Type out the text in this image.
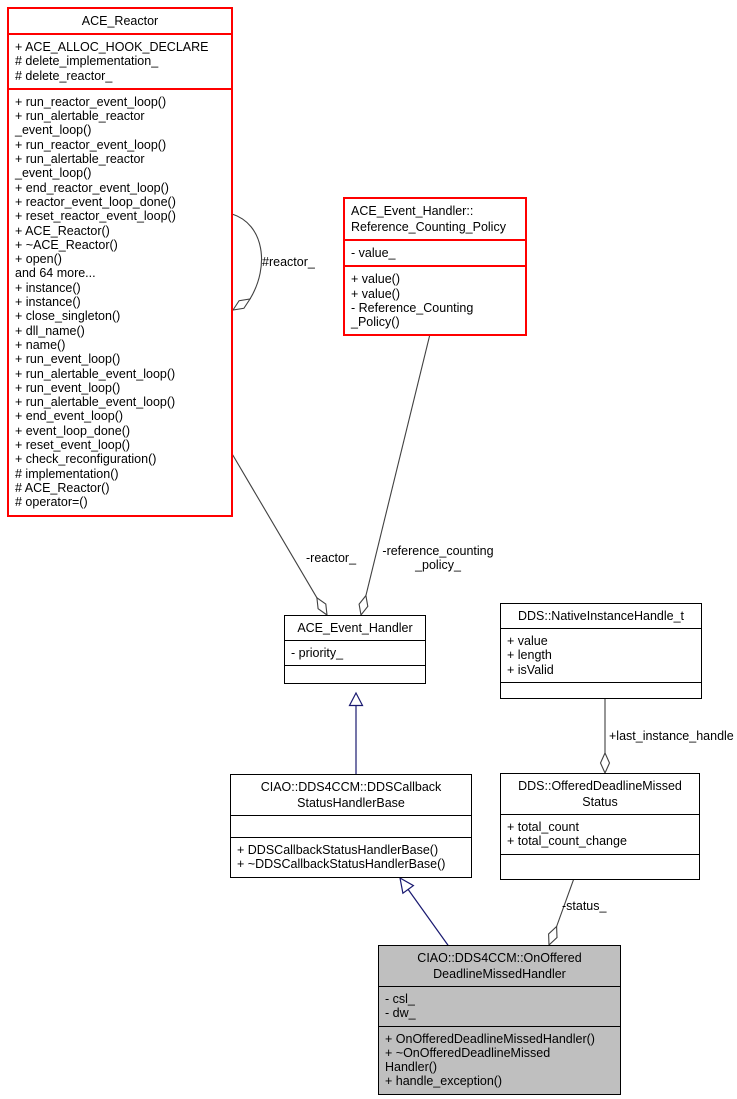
ACE_Reactor
+ ACE_ALLOC_HOOK_DECLARE
# delete_implementation_
# delete_reactor_
+ run_reactor_event_loop()
+ run_alertable_reactor
_event_loop()
+ run_reactor_event_loop()
+ run_alertable_reactor
_event_loop()
+ end_reactor_event_loop()
+ reactor_event_loop_done()
+ reset_reactor_event_loop()
+ ACE_Reactor()
+ ~ACE_Reactor()
+ open()
and 64 more...
+ instance()
+ instance()
+ close_singleton()
+ dll_name()
+ name()
+ run_event_loop()
+ run_alertable_event_loop()
+ run_event_loop()
+ run_alertable_event_loop()
+ end_event_loop()
+ event_loop_done()
+ reset_event_loop()
+ check_reconfiguration()
# implementation()
# ACE_Reactor()
# operator=()
ACE_Event_Handler::
Reference_Counting_Policy
- value_
+ value()
+ value()
- Reference_Counting
_Policy()
ACE_Event_Handler
- priority_
DDS::NativeInstanceHandle_t
+ value
+ length
+ isValid
CIAO::DDS4CCM::DDSCallback
StatusHandlerBase
+ DDSCallbackStatusHandlerBase()
+ ~DDSCallbackStatusHandlerBase()
DDS::OfferedDeadlineMissed
Status
+ total_count
+ total_count_change
CIAO::DDS4CCM::OnOffered
DeadlineMissedHandler
- csl_
- dw_
+ OnOfferedDeadlineMissedHandler()
+ ~OnOfferedDeadlineMissed
Handler()
+ handle_exception()
#reactor_
-reactor_	-reference_counting
_policy_
+last_instance_handle
-status_
